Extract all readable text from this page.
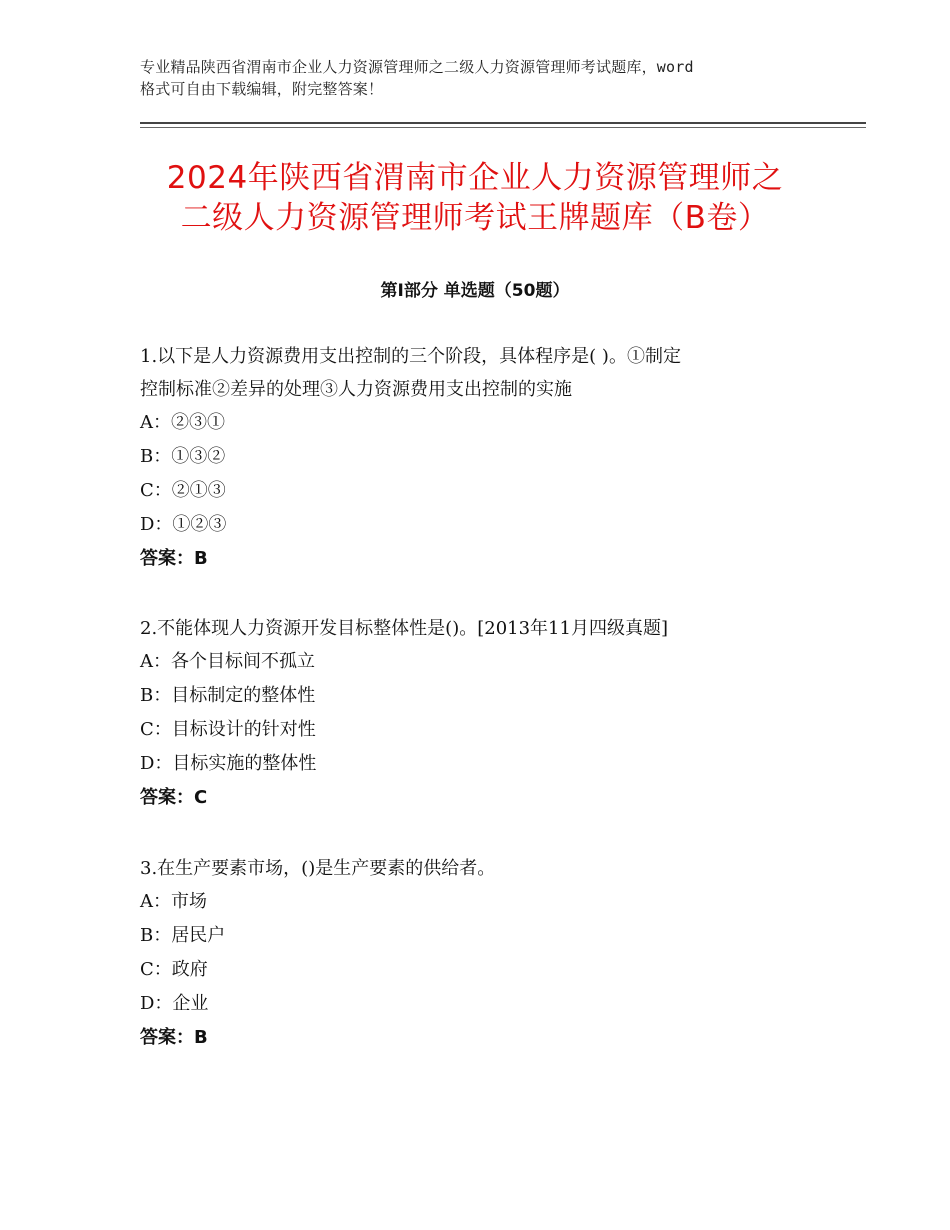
专业精品陕西省渭南市企业人力资源管理师之二级人力资源管理师考试题库，word
格式可自由下载编辑，附完整答案！
2024年陕西省渭南市企业人力资源管理师之
二级人力资源管理师考试王牌题库（B卷）
第Ⅰ部分 单选题（50题）
1.以下是人力资源费用支出控制的三个阶段，具体程序是( )。①制定
控制标准②差异的处理③人力资源费用支出控制的实施
A：②③①
B：①③②
C：②①③
D：①②③
答案：B
2.不能体现人力资源开发目标整体性是()。[2013年11月四级真题]
A：各个目标间不孤立
B：目标制定的整体性
C：目标设计的针对性
D：目标实施的整体性
答案：C
3.在生产要素市场，()是生产要素的供给者。
A：市场
B：居民户
C：政府
D：企业
答案：B
